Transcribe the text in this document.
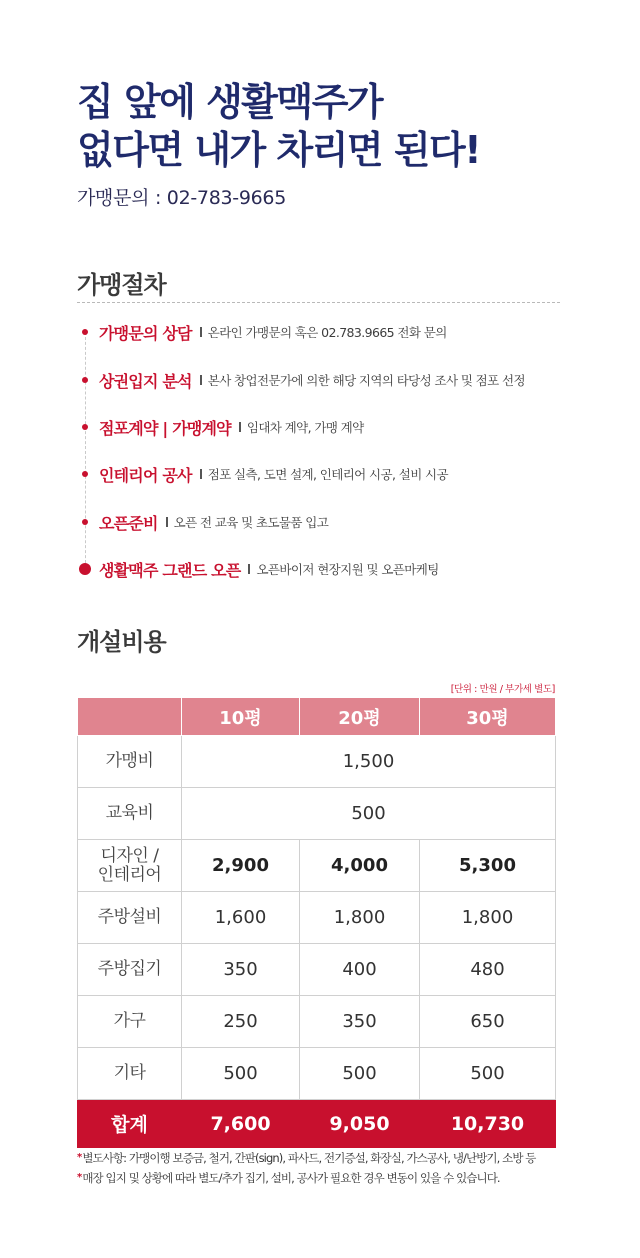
집 앞에 생활맥주가
없다면 내가 차리면 된다!
가맹문의 : 02-783-9665
가맹절차
가맹문의 상담 온라인 가맹문의 혹은 02.783.9665 전화 문의
상권입지 분석 본사 창업전문가에 의한 해당 지역의 타당성 조사 및 점포 선정
점포계약 | 가맹계약 임대차 계약, 가맹 계약
인테리어 공사 점포 실측, 도면 설계, 인테리어 시공, 설비 시공
오픈준비 오픈 전 교육 및 초도물품 입고
생활맥주 그랜드 오픈 오픈바이저 현장지원 및 오픈마케팅
개설비용
[단위 : 만원 / 부가세 별도]
	10평	20평	30평
가맹비	1,500		
교육비	500		
디자인 /
인테리어	2,900	4,000	5,300
주방설비	1,600	1,800	1,800
주방집기	350	400	480
가구	250	350	650
기타	500	500	500
합계	7,600	9,050	10,730
*별도사항: 가맹이행 보증금, 철거, 간판(sign), 파사드, 전기증설, 화장실, 가스공사, 냉/난방기, 소방 등
*매장 입지 및 상황에 따라 별도/추가 집기, 설비, 공사가 필요한 경우 변동이 있을 수 있습니다.
